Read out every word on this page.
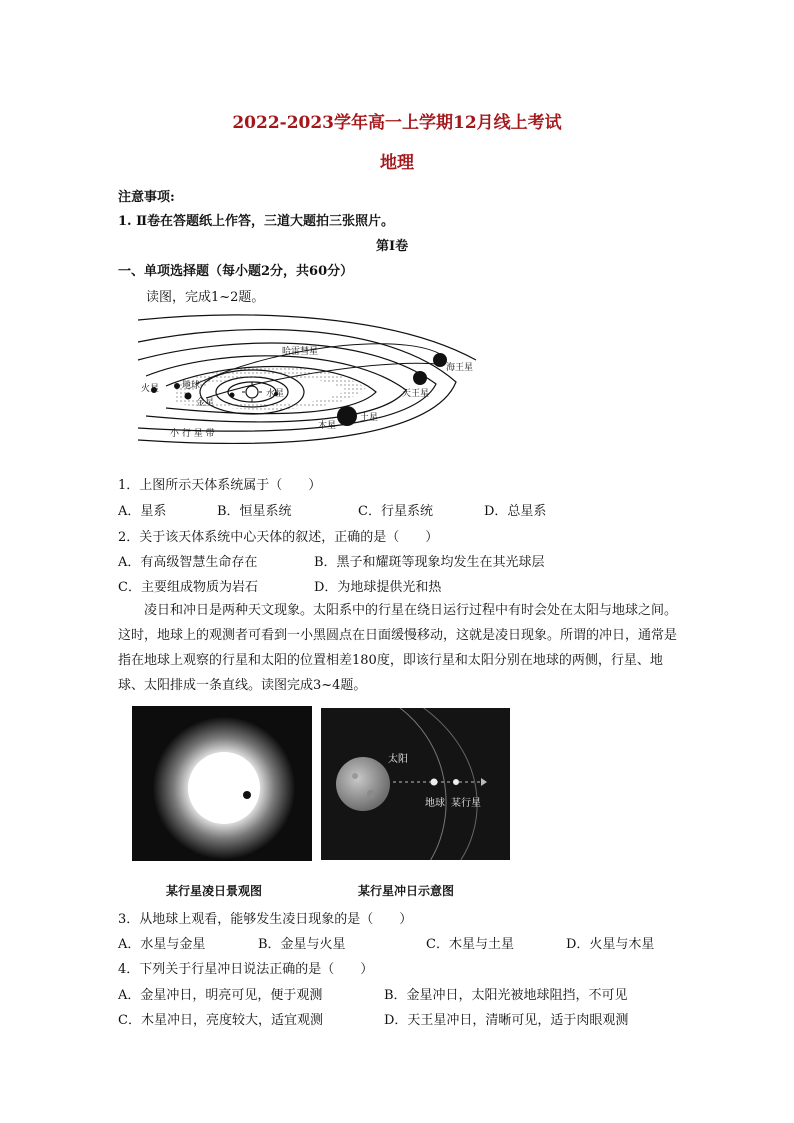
2022-2023学年高一上学期12月线上考试
地理
注意事项:
1. Ⅱ卷在答题纸上作答，三道大题拍三张照片。
第Ⅰ卷
一、单项选择题（每小题2分，共60分）
读图，完成1~2题。
哈雷彗星
海王星
天王星
土星
木星
火星	地球
金星
水星
小 行 星 带
1．上图所示天体系统属于（　　）
A．星系	B．恒星系统	C．行星系统	D．总星系
2．关于该天体系统中心天体的叙述，正确的是（　　）
A．有高级智慧生命存在	B．黑子和耀斑等现象均发生在其光球层
C．主要组成物质为岩石	D．为地球提供光和热
凌日和冲日是两种天文现象。太阳系中的行星在绕日运行过程中有时会处在太阳与地球之间。这时，地球上的观测者可看到一小黑圆点在日面缓慢移动，这就是凌日现象。所谓的冲日，通常是指在地球上观察的行星和太阳的位置相差180度，即该行星和太阳分别在地球的两侧，行星、地球、太阳排成一条直线。读图完成3~4题。
太阳
地球 某行星
某行星凌日景观图	某行星冲日示意图
3．从地球上观看，能够发生凌日现象的是（　　）
A．水星与金星	B．金星与火星	C．木星与土星	D．火星与木星
4．下列关于行星冲日说法正确的是（　　）
A．金星冲日，明亮可见，便于观测	B．金星冲日，太阳光被地球阻挡，不可见
C．木星冲日，亮度较大，适宜观测	D．天王星冲日，清晰可见，适于肉眼观测
